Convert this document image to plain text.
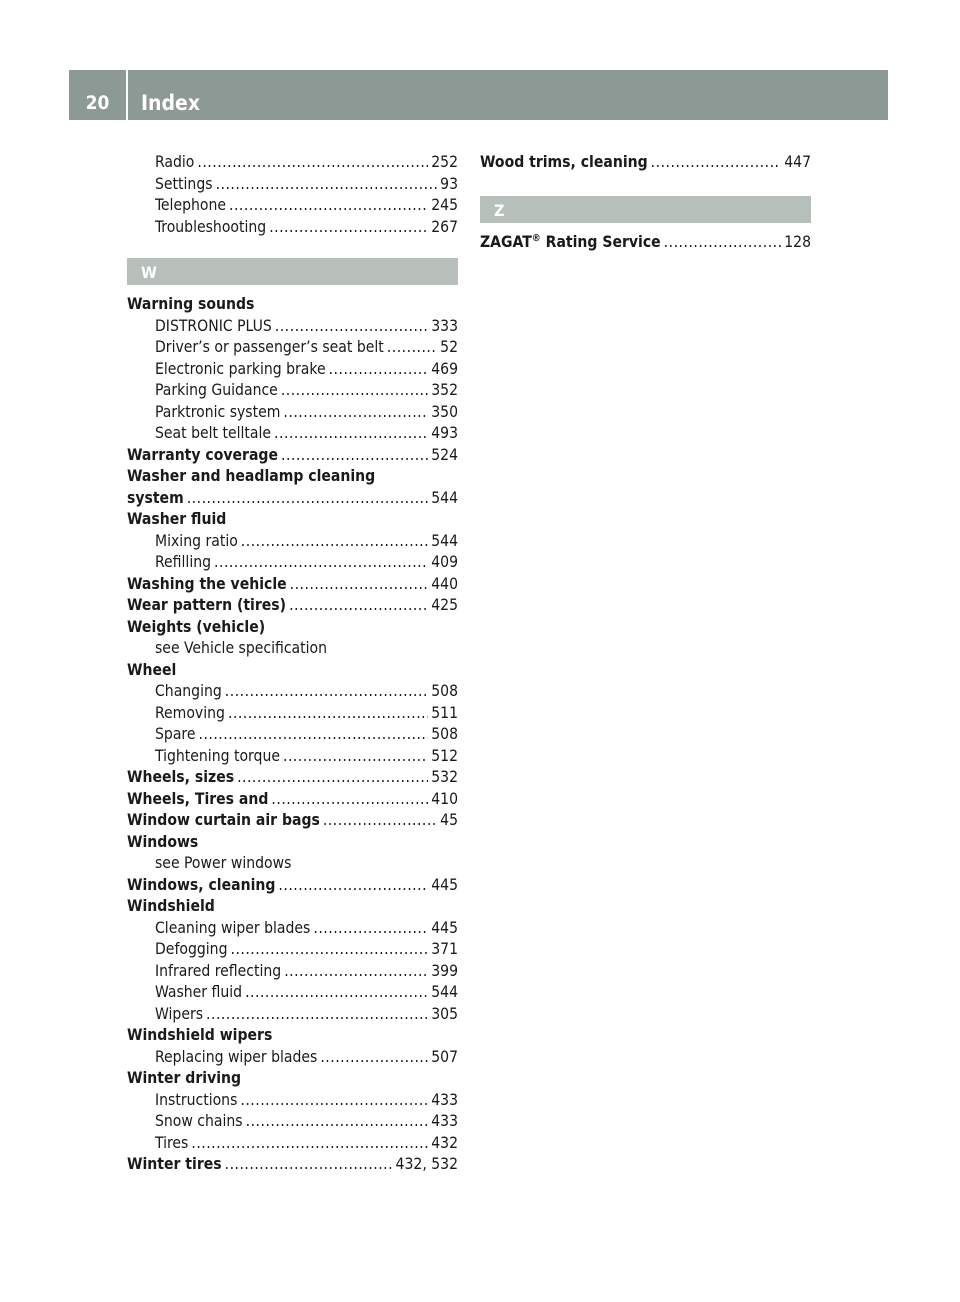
20	Index
Radio .....	252
Settings .....	93
Telephone .....	245
Troubleshooting .....	267
W
Warning sounds
DISTRONIC PLUS .....	333
Driver’s or passenger’s seat belt .....	52
Electronic parking brake .....	469
Parking Guidance .....	352
Parktronic system .....	350
Seat belt telltale .....	493
Warranty coverage .....	524
Washer and headlamp cleaning
system .....	544
Washer fluid
Mixing ratio .....	544
Refilling .....	409
Washing the vehicle .....	440
Wear pattern (tires) .....	425
Weights (vehicle)
see Vehicle specification
Wheel
Changing .....	508
Removing .....	511
Spare .....	508
Tightening torque .....	512
Wheels, sizes .....	532
Wheels, Tires and .....	410
Window curtain air bags .....	45
Windows
see Power windows
Windows, cleaning .....	445
Windshield
Cleaning wiper blades .....	445
Defogging .....	371
Infrared reflecting .....	399
Washer fluid .....	544
Wipers .....	305
Windshield wipers
Replacing wiper blades .....	507
Winter driving
Instructions .....	433
Snow chains .....	433
Tires .....	432
Winter tires .....	432, 532
Wood trims, cleaning .....	447
Z
ZAGAT® Rating Service .....	128
